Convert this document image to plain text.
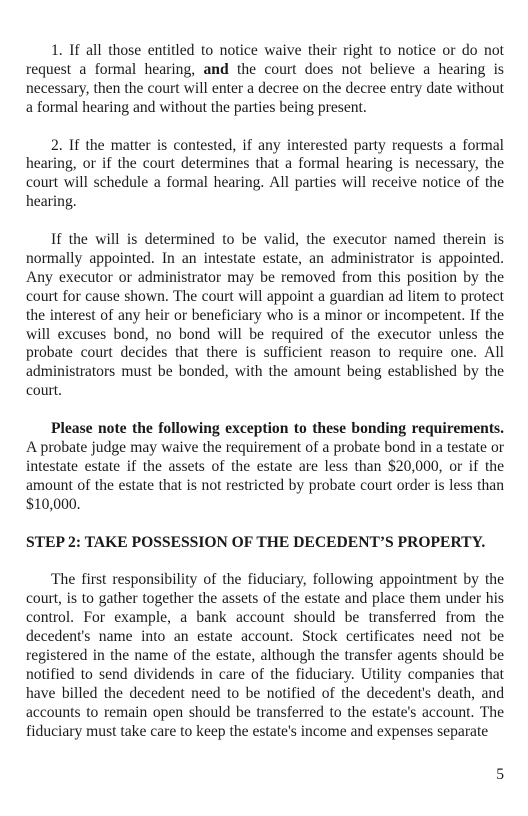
1. If all those entitled to notice waive their right to notice or do not request a formal hearing, and the court does not believe a hearing is necessary, then the court will enter a decree on the decree entry date without a formal hearing and without the parties being present.

2. If the matter is contested, if any interested party requests a formal hearing, or if the court determines that a formal hearing is necessary, the court will schedule a formal hearing. All parties will receive notice of the hearing.

If the will is determined to be valid, the executor named therein is normally appointed. In an intestate estate, an administrator is appointed. Any executor or administrator may be removed from this position by the court for cause shown. The court will appoint a guardian ad litem to protect the interest of any heir or beneficiary who is a minor or incompetent. If the will excuses bond, no bond will be required of the executor unless the probate court decides that there is sufficient reason to require one. All administrators must be bonded, with the amount being established by the court.

Please note the following exception to these bonding requirements. A probate judge may waive the requirement of a probate bond in a testate or intestate estate if the assets of the estate are less than $20,000, or if the amount of the estate that is not restricted by probate court order is less than $10,000.

STEP 2: TAKE POSSESSION OF THE DECEDENT’S PROPERTY.

The first responsibility of the fiduciary, following appointment by the court, is to gather together the assets of the estate and place them under his control. For example, a bank account should be transferred from the decedent's name into an estate account. Stock certificates need not be registered in the name of the estate, although the transfer agents should be notified to send dividends in care of the fiduciary. Utility companies that have billed the decedent need to be notified of the decedent's death, and accounts to remain open should be transferred to the estate's account. The fiduciary must take care to keep the estate's income and expenses separate

5
